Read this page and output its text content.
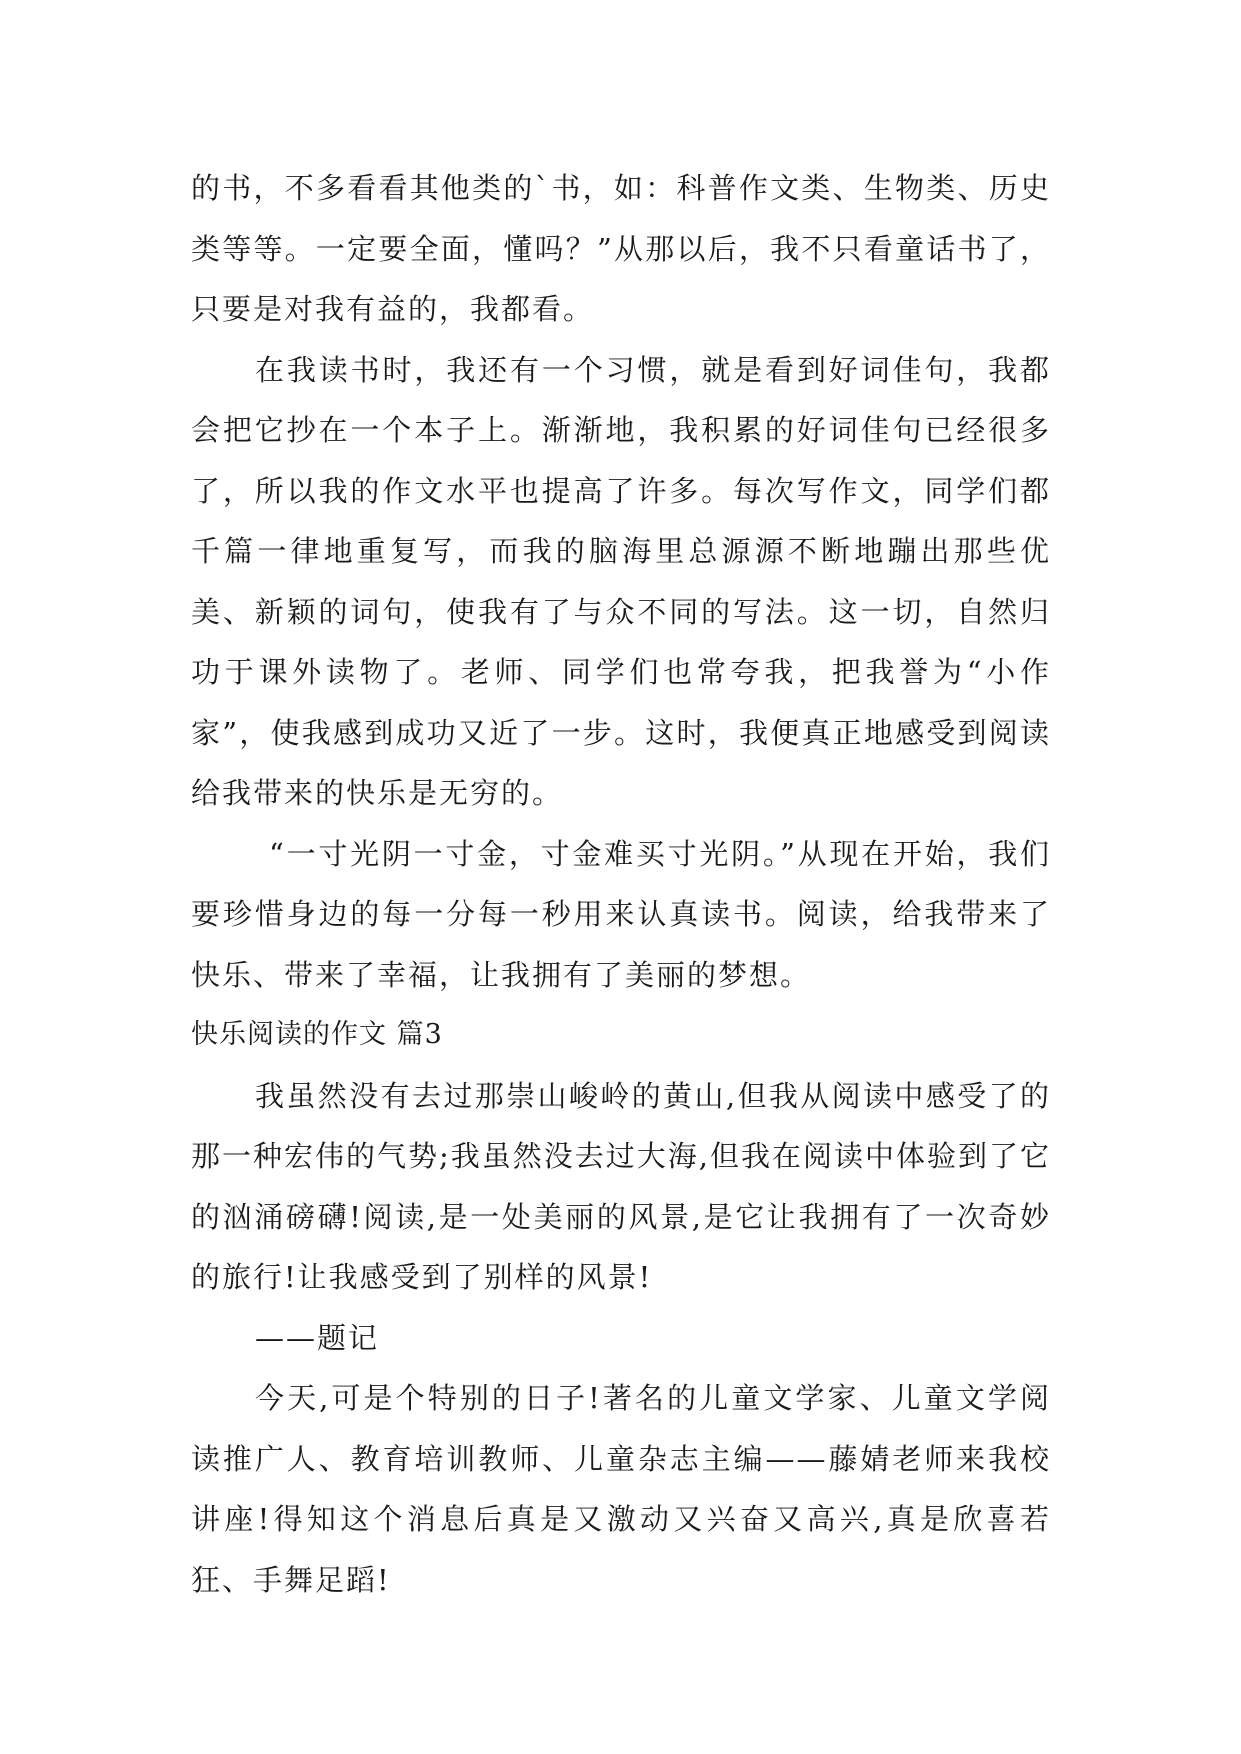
的书，不多看看其他类的`书，如：科普作文类、生物类、历史类等等。一定要全面，懂吗？”从那以后，我不只看童话书了，只要是对我有益的，我都看。

在我读书时，我还有一个习惯，就是看到好词佳句，我都会把它抄在一个本子上。渐渐地，我积累的好词佳句已经很多了，所以我的作文水平也提高了许多。每次写作文，同学们都千篇一律地重复写，而我的脑海里总源源不断地蹦出那些优美、新颖的词句，使我有了与众不同的写法。这一切，自然归功于课外读物了。老师、同学们也常夸我，把我誉为“小作家”，使我感到成功又近了一步。这时，我便真正地感受到阅读给我带来的快乐是无穷的。

“一寸光阴一寸金，寸金难买寸光阴。”从现在开始，我们要珍惜身边的每一分每一秒用来认真读书。阅读，给我带来了快乐、带来了幸福，让我拥有了美丽的梦想。

快乐阅读的作文 篇3

我虽然没有去过那崇山峻岭的黄山,但我从阅读中感受了的那一种宏伟的气势;我虽然没去过大海,但我在阅读中体验到了它的汹涌磅礴!阅读,是一处美丽的风景,是它让我拥有了一次奇妙的旅行!让我感受到了别样的风景!

——题记

今天,可是个特别的日子!著名的儿童文学家、儿童文学阅读推广人、教育培训教师、儿童杂志主编——藤婧老师来我校讲座!得知这个消息后真是又激动又兴奋又高兴,真是欣喜若狂、手舞足蹈!
